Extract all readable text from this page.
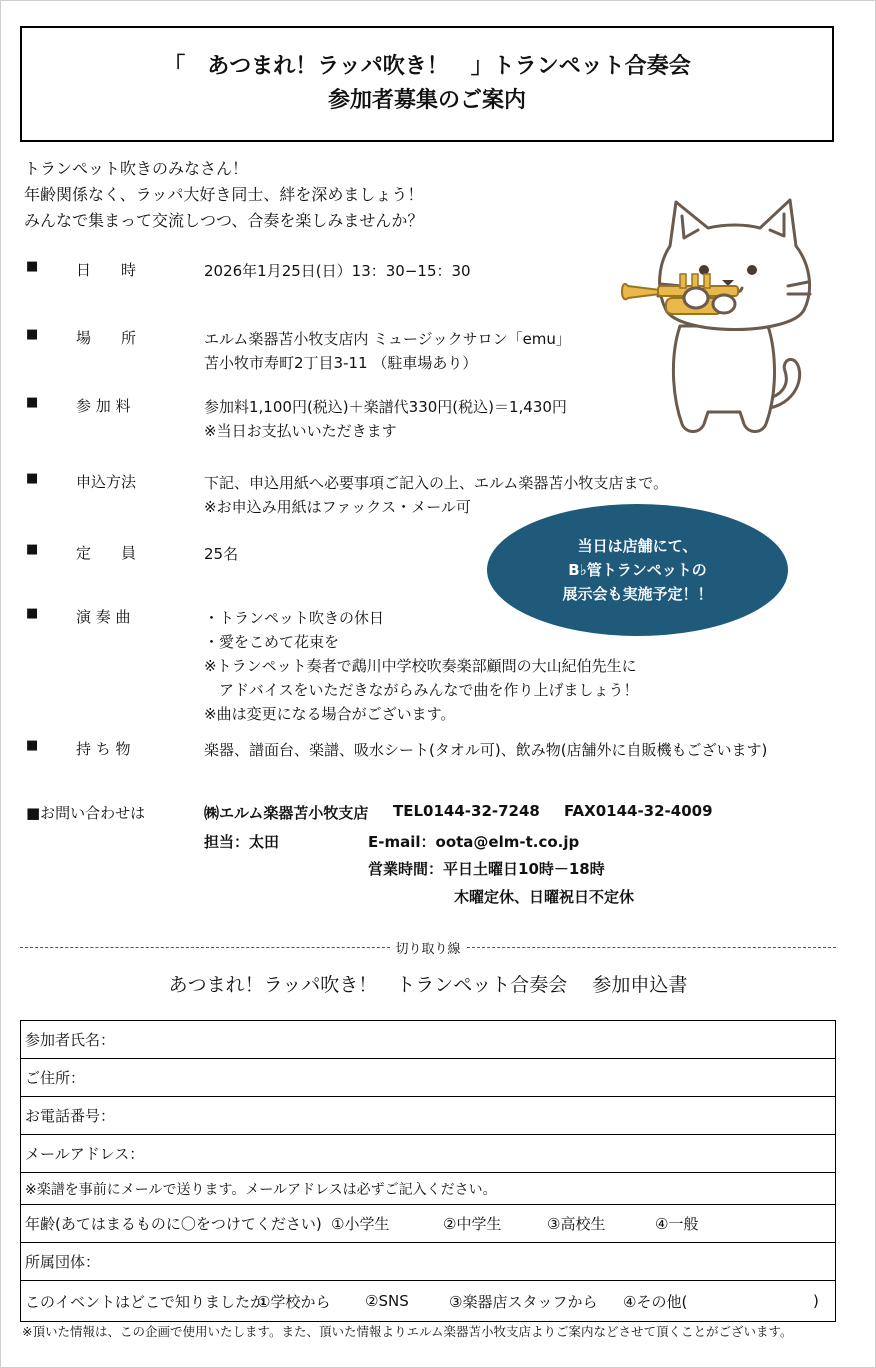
「　あつまれ！ラッパ吹き！　」トランペット合奏会
参加者募集のご案内
トランペット吹きのみなさん！
年齢関係なく、ラッパ大好き同士、絆を深めましょう！
みんなで集まって交流しつつ、合奏を楽しみませんか？
■	日　　時	2026年1月25日(日）13：30−15：30
■	場　　所	エルム楽器苫小牧支店内 ミュージックサロン「emu」
苫小牧市寿町2丁目3-11 （駐車場あり）
■	参 加 料	参加料1,100円(税込)＋楽譜代330円(税込)＝1,430円
※当日お支払いいただきます
■	申込方法	下記、申込用紙へ必要事項ご記入の上、エルム楽器苫小牧支店まで。
※お申込み用紙はファックス・メール可
■	定　　員	25名	当日は店舗にて、
B♭管トランペットの
展示会も実施予定！！
■	演 奏 曲	・トランペット吹きの休日
・愛をこめて花束を
※トランペット奏者で鵡川中学校吹奏楽部顧問の大山紀伯先生に
　アドバイスをいただきながらみんなで曲を作り上げましょう！
※曲は変更になる場合がございます。
■	持 ち 物	楽器、譜面台、楽譜、吸水シート(タオル可)、飲み物(店舗外に自販機もございます)
■お問い合わせは	㈱エルム楽器苫小牧支店 TEL0144-32-7248 FAX0144-32-4009
担当：太田	E-mail：oota@elm-t.co.jp
営業時間：平日土曜日10時－18時
木曜定休、日曜祝日不定休
切り取り線
あつまれ！ラッパ吹き！　トランペット合奏会　 参加申込書
参加者氏名：
ご住所：
お電話番号：
メールアドレス：
※楽譜を事前にメールで送ります。メールアドレスは必ずご記入ください。
年齢(あてはまるものに〇をつけてください) ①小学生	②中学生	③高校生	④一般
所属団体：
このイベントはどこで知りましたか
①学校から	②SNS	③楽器店スタッフから	④その他(	)
※頂いた情報は、この企画で使用いたします。また、頂いた情報よりエルム楽器苫小牧支店よりご案内などさせて頂くことがございます。
